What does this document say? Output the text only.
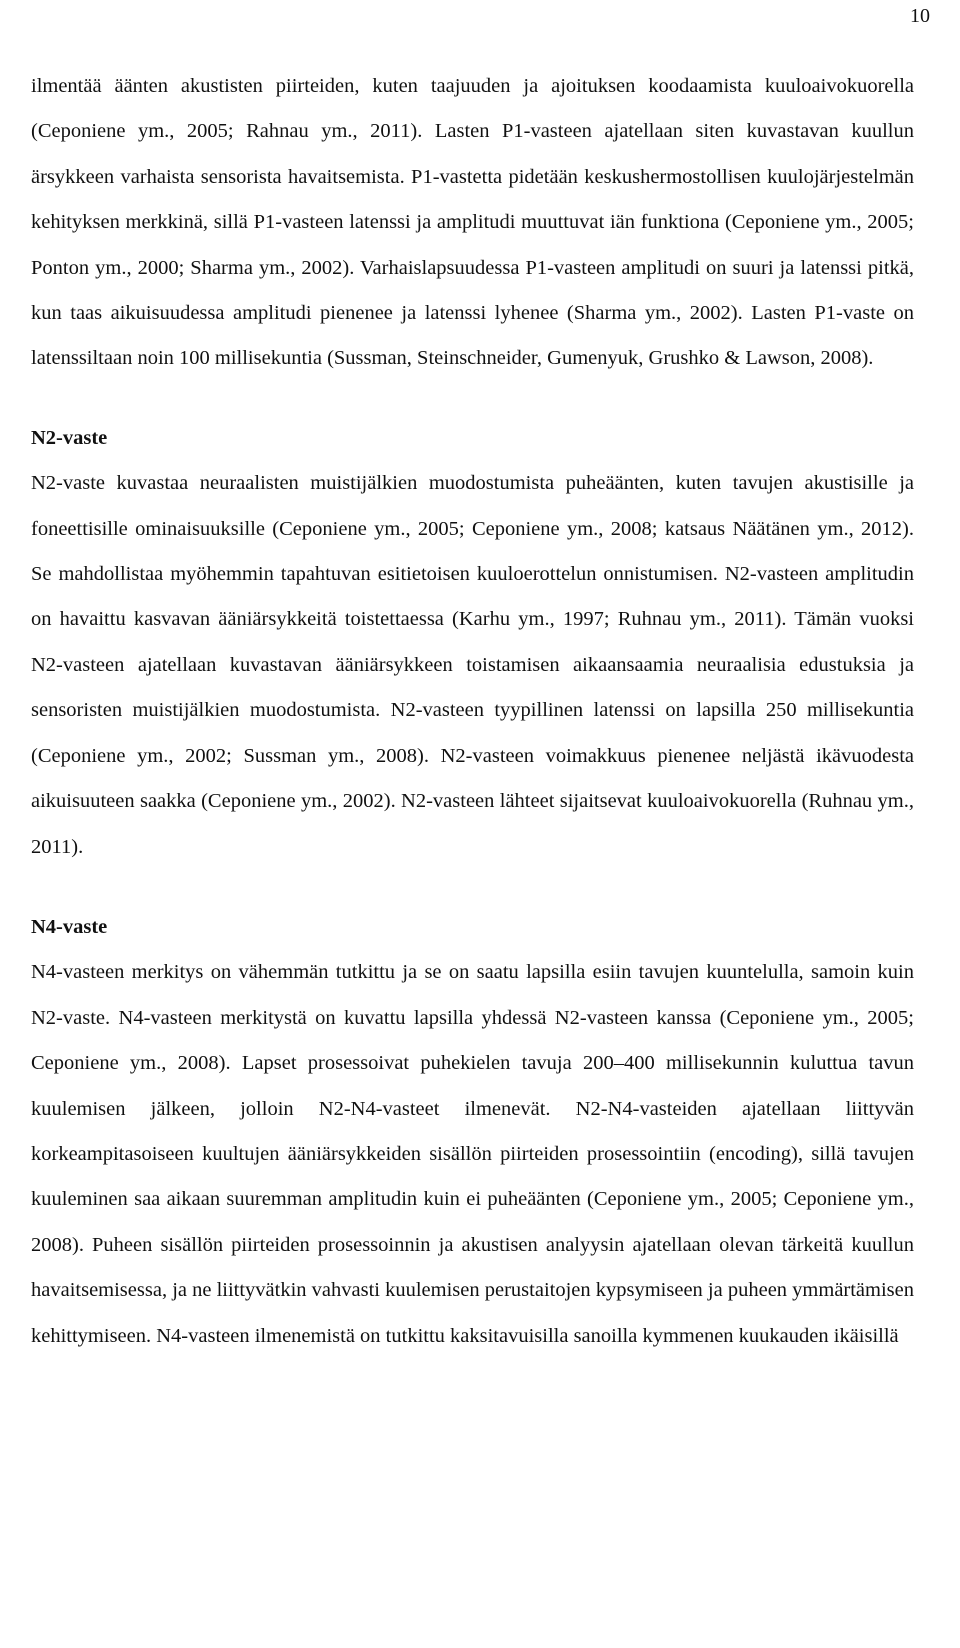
10

ilmentää äänten akustisten piirteiden, kuten taajuuden ja ajoituksen koodaamista kuuloaivokuorella (Ceponiene ym., 2005; Rahnau ym., 2011). Lasten P1-vasteen ajatellaan siten kuvastavan kuullun ärsykkeen varhaista sensorista havaitsemista. P1-vastetta pidetään keskushermostollisen kuulojärjestelmän kehityksen merkkinä, sillä P1-vasteen latenssi ja amplitudi muuttuvat iän funktiona (Ceponiene ym., 2005; Ponton ym., 2000; Sharma ym., 2002). Varhaislapsuudessa P1-vasteen amplitudi on suuri ja latenssi pitkä, kun taas aikuisuudessa amplitudi pienenee ja latenssi lyhenee (Sharma ym., 2002). Lasten P1-vaste on latenssiltaan noin 100 millisekuntia (Sussman, Steinschneider, Gumenyuk, Grushko & Lawson, 2008).

N2-vaste

N2-vaste kuvastaa neuraalisten muistijälkien muodostumista puheäänten, kuten tavujen akustisille ja foneettisille ominaisuuksille (Ceponiene ym., 2005; Ceponiene ym., 2008; katsaus Näätänen ym., 2012). Se mahdollistaa myöhemmin tapahtuvan esitietoisen kuuloerottelun onnistumisen. N2-vasteen amplitudin on havaittu kasvavan ääniärsykkeitä toistettaessa (Karhu ym., 1997; Ruhnau ym., 2011). Tämän vuoksi N2-vasteen ajatellaan kuvastavan ääniärsykkeen toistamisen aikaansaamia neuraalisia edustuksia ja sensoristen muistijälkien muodostumista. N2-vasteen tyypillinen latenssi on lapsilla 250 millisekuntia (Ceponiene ym., 2002; Sussman ym., 2008). N2-vasteen voimakkuus pienenee neljästä ikävuodesta aikuisuuteen saakka (Ceponiene ym., 2002). N2-vasteen lähteet sijaitsevat kuuloaivokuorella (Ruhnau ym., 2011).

N4-vaste

N4-vasteen merkitys on vähemmän tutkittu ja se on saatu lapsilla esiin tavujen kuuntelulla, samoin kuin N2-vaste. N4-vasteen merkitystä on kuvattu lapsilla yhdessä N2-vasteen kanssa (Ceponiene ym., 2005; Ceponiene ym., 2008). Lapset prosessoivat puhekielen tavuja 200–400 millisekunnin kuluttua tavun kuulemisen jälkeen, jolloin N2-N4-vasteet ilmenevät. N2-N4-vasteiden ajatellaan liittyvän korkeampitasoiseen kuultujen ääniärsykkeiden sisällön piirteiden prosessointiin (encoding), sillä tavujen kuuleminen saa aikaan suuremman amplitudin kuin ei puheäänten (Ceponiene ym., 2005; Ceponiene ym., 2008). Puheen sisällön piirteiden prosessoinnin ja akustisen analyysin ajatellaan olevan tärkeitä kuullun havaitsemisessa, ja ne liittyvätkin vahvasti kuulemisen perustaitojen kypsymiseen ja puheen ymmärtämisen kehittymiseen. N4-vasteen ilmenemistä on tutkittu kaksitavuisilla sanoilla kymmenen kuukauden ikäisillä
